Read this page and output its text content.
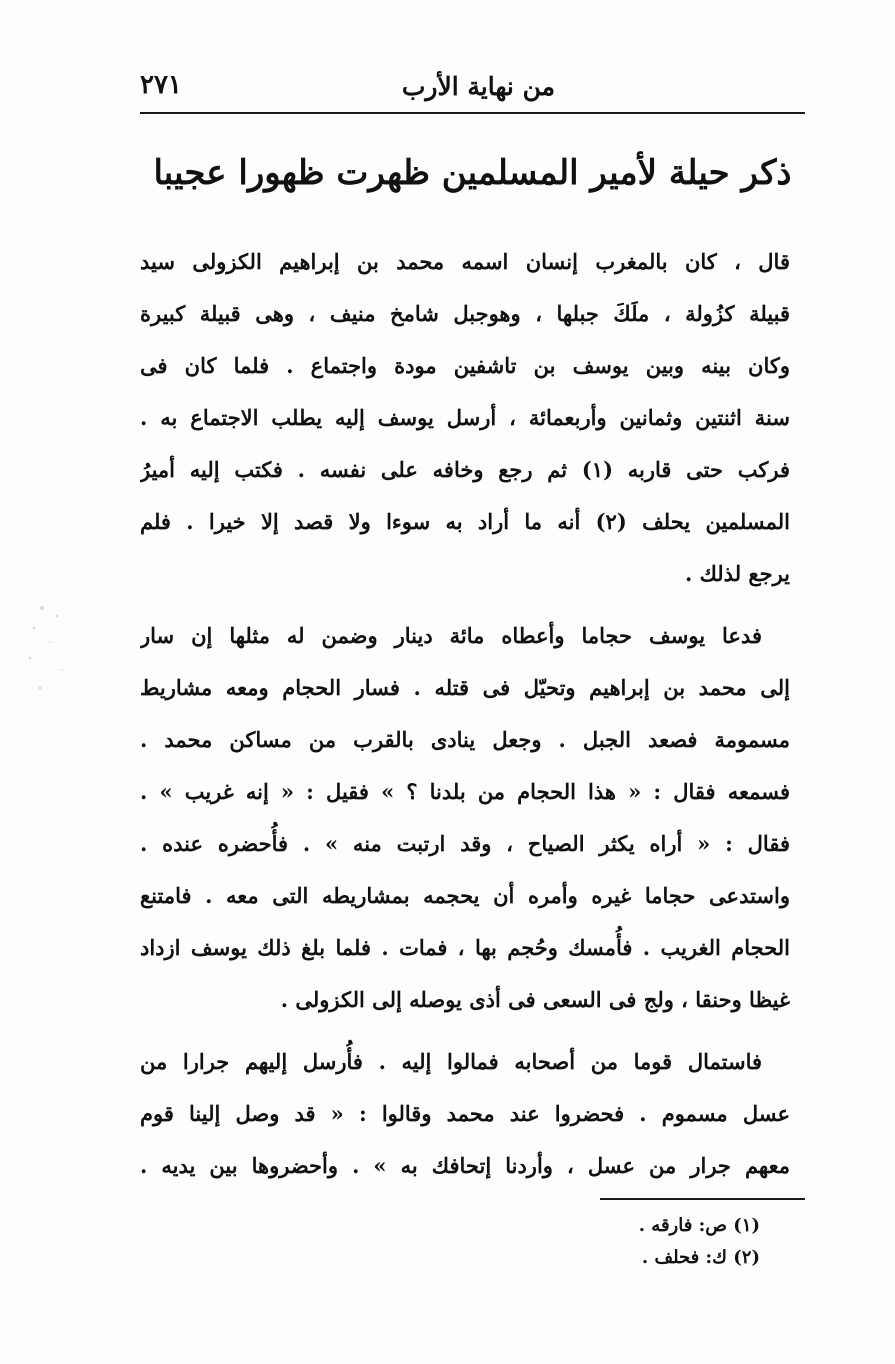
من نهاية الأرب
٢٧١
ذكر حيلة لأمير المسلمين ظهرت ظهورا عجيبا
قال ، كان بالمغرب إنسان اسمه محمد بن إبراهيم الكزولى سيد
قبيلة كزُولة ، ملَكَ جبلها ، وهوجبل شامخ منيف ، وهى قبيلة كبيرة
وكان بينه وبين يوسف بن تاشفين مودة واجتماع . فلما كان فى
سنة اثنتين وثمانين وأربعمائة ، أرسل يوسف إليه يطلب الاجتماع به .
فركب حتى قاربه (١) ثم رجع وخافه على نفسه . فكتب إليه أميرُ
المسلمين يحلف (٢) أنه ما أراد به سوءا ولا قصد إلا خيرا . فلم
يرجع لذلك .
فدعا يوسف حجاما وأعطاه مائة دينار وضمن له مثلها إن سار
إلى محمد بن إبراهيم وتحيّل فى قتله . فسار الحجام ومعه مشاريط
مسمومة فصعد الجبل . وجعل ينادى بالقرب من مساكن محمد .
فسمعه فقال : « هذا الحجام من بلدنا ؟ » فقيل : « إنه غريب » .
فقال : « أراه يكثر الصياح ، وقد ارتبت منه » . فأُحضره عنده .
واستدعى حجاما غيره وأمره أن يحجمه بمشاريطه التى معه . فامتنع
الحجام الغريب . فأُمسك وحُجم بها ، فمات . فلما بلغ ذلك يوسف ازداد
غيظا وحنقا ، ولج فى السعى فى أذى يوصله إلى الكزولى .
فاستمال قوما من أصحابه فمالوا إليه . فأُرسل إليهم جرارا من
عسل مسموم . فحضروا عند محمد وقالوا : « قد وصل إلينا قوم
معهم جرار من عسل ، وأردنا إتحافك به » . وأحضروها بين يديه .
(١) ص: فارقه .
(٢) ك: فحلف .
